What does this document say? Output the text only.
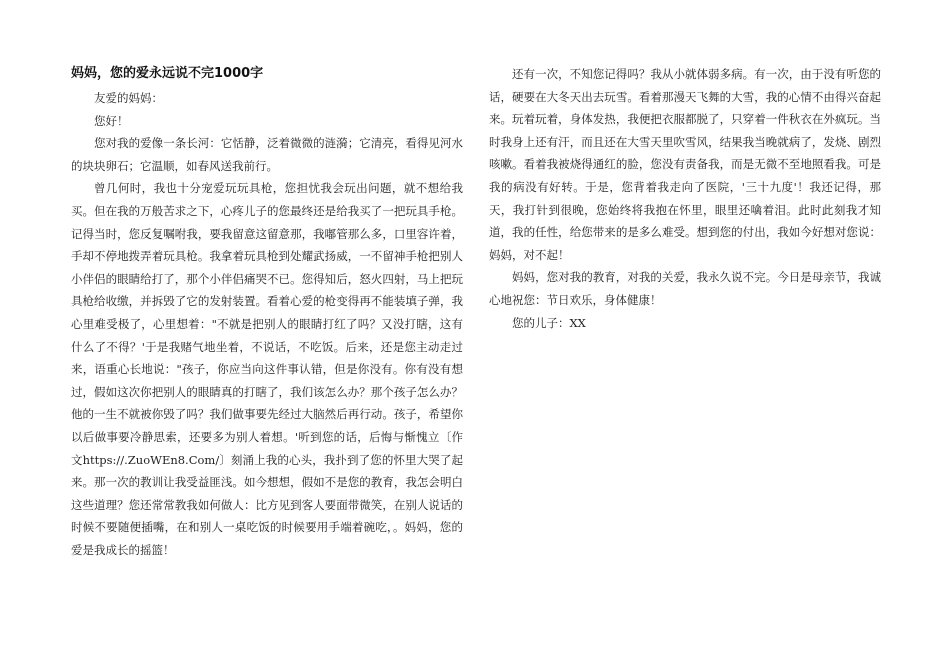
妈妈，您的爱永远说不完1000字

友爱的妈妈：

您好！

您对我的爱像一条长河：它恬静，泛着微微的涟漪；它清亮，看得见河水的块块卵石；它温顺，如春风送我前行。

曾几何时，我也十分宠爱玩玩具枪，您担忧我会玩出问题，就不想给我买。但在我的万般苦求之下，心疼儿子的您最终还是给我买了一把玩具手枪。记得当时，您反复嘱咐我，要我留意这留意那，我嘟管那么多，口里容许着，手却不停地拨弄着玩具枪。我拿着玩具枪到处耀武扬威，一不留神手枪把别人小伴侣的眼睛给打了，那个小伴侣痛哭不已。您得知后，怒火四射，马上把玩具枪给收缴，并拆毁了它的发射装置。看着心爱的枪变得再不能装填子弹，我心里难受极了，心里想着："不就是把别人的眼睛打红了吗？又没打瞎，这有什么了不得？'于是我赌气地坐着，不说话，不吃饭。后来，还是您主动走过来，语重心长地说："孩子，你应当向这件事认错，但是你没有。你有没有想过，假如这次你把别人的眼睛真的打瞎了，我们该怎么办？那个孩子怎么办？他的一生不就被你毁了吗？我们做事要先经过大脑然后再行动。孩子，希望你以后做事要冷静思索，还要多为别人着想。'听到您的话，后悔与惭愧立〔作文https://.ZuoWEn8.Com/〕刻涌上我的心头，我扑到了您的怀里大哭了起来。那一次的教训让我受益匪浅。如今想想，假如不是您的教育，我怎会明白这些道理？您还常常教我如何做人：比方见到客人要面带微笑，在别人说话的时候不要随便插嘴，在和别人一桌吃饭的时候要用手端着碗吃，。妈妈，您的爱是我成长的摇篮！

还有一次，不知您记得吗？我从小就体弱多病。有一次，由于没有听您的话，硬要在大冬天出去玩雪。看着那漫天飞舞的大雪，我的心情不由得兴奋起来。玩着玩着，身体发热，我便把衣服都脱了，只穿着一件秋衣在外疯玩。当时我身上还有汗，而且还在大雪天里吹雪风，结果我当晚就病了，发烧、剧烈咳嗽。看着我被烧得通红的脸，您没有责备我，而是无微不至地照看我。可是我的病没有好转。于是，您背着我走向了医院，'三十九度'！我还记得，那天，我打针到很晚，您始终将我抱在怀里，眼里还噙着泪。此时此刻我才知道，我的任性，给您带来的是多么难受。想到您的付出，我如今好想对您说：妈妈，对不起！

妈妈，您对我的教育，对我的关爱，我永久说不完。今日是母亲节，我诚心地祝您：节日欢乐，身体健康！

您的儿子：XX
